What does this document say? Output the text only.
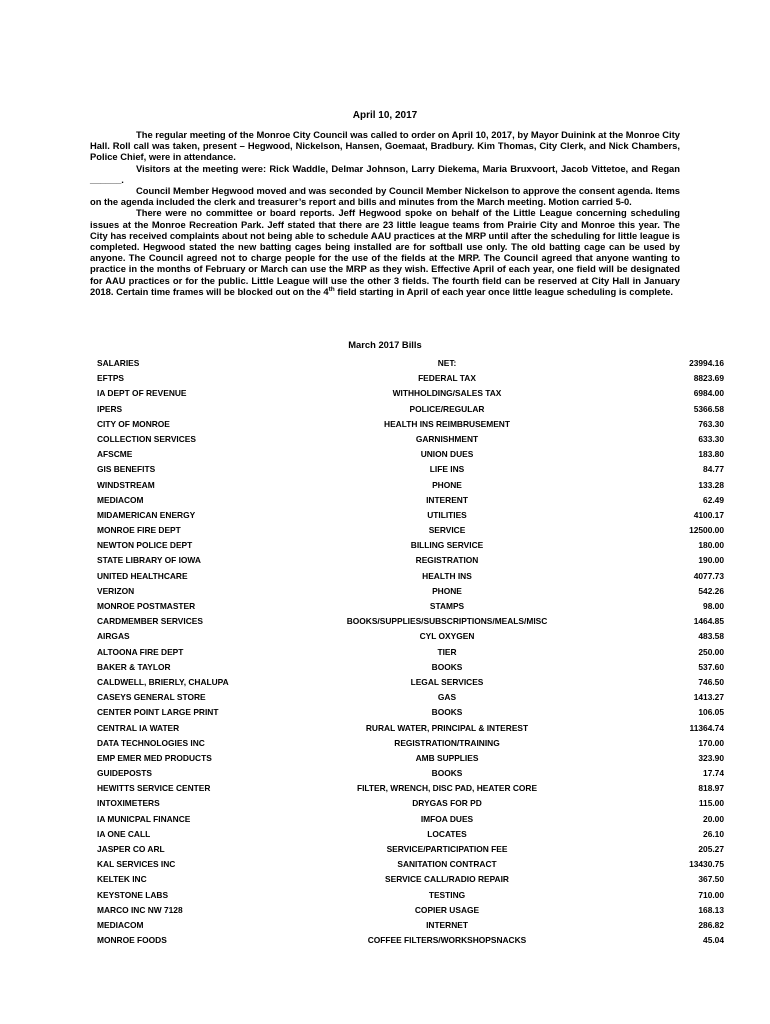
April 10, 2017

The regular meeting of the Monroe City Council was called to order on April 10, 2017, by Mayor Duinink at the Monroe City Hall. Roll call was taken, present – Hegwood, Nickelson, Hansen, Goemaat, Bradbury. Kim Thomas, City Clerk, and Nick Chambers, Police Chief, were in attendance.

Visitors at the meeting were: Rick Waddle, Delmar Johnson, Larry Diekema, Maria Bruxvoort, Jacob Vittetoe, and Regan ______.

Council Member Hegwood moved and was seconded by Council Member Nickelson to approve the consent agenda. Items on the agenda included the clerk and treasurer’s report and bills and minutes from the March meeting. Motion carried 5-0.

There were no committee or board reports. Jeff Hegwood spoke on behalf of the Little League concerning scheduling issues at the Monroe Recreation Park. Jeff stated that there are 23 little league teams from Prairie City and Monroe this year. The City has received complaints about not being able to schedule AAU practices at the MRP until after the scheduling for little league is completed. Hegwood stated the new batting cages being installed are for softball use only. The old batting cage can be used by anyone. The Council agreed not to charge people for the use of the fields at the MRP. The Council agreed that anyone wanting to practice in the months of February or March can use the MRP as they wish. Effective April of each year, one field will be designated for AAU practices or for the public. Little League will use the other 3 fields. The fourth field can be reserved at City Hall in January 2018. Certain time frames will be blocked out on the 4th field starting in April of each year once little league scheduling is complete.

March 2017 Bills
SALARIES	NET:	23994.16
EFTPS	FEDERAL TAX	8823.69
IA DEPT OF REVENUE	WITHHOLDING/SALES TAX	6984.00
IPERS	POLICE/REGULAR	5366.58
CITY OF MONROE	HEALTH INS REIMBRUSEMENT	763.30
COLLECTION SERVICES	GARNISHMENT	633.30
AFSCME	UNION DUES	183.80
GIS BENEFITS	LIFE INS	84.77
WINDSTREAM	PHONE	133.28
MEDIACOM	INTERENT	62.49
MIDAMERICAN ENERGY	UTILITIES	4100.17
MONROE FIRE DEPT	SERVICE	12500.00
NEWTON POLICE DEPT	BILLING SERVICE	180.00
STATE LIBRARY OF IOWA	REGISTRATION	190.00
UNITED HEALTHCARE	HEALTH INS	4077.73
VERIZON	PHONE	542.26
MONROE POSTMASTER	STAMPS	98.00
CARDMEMBER SERVICES	BOOKS/SUPPLIES/SUBSCRIPTIONS/MEALS/MISC	1464.85
AIRGAS	CYL OXYGEN	483.58
ALTOONA FIRE DEPT	TIER	250.00
BAKER & TAYLOR	BOOKS	537.60
CALDWELL, BRIERLY, CHALUPA	LEGAL SERVICES	746.50
CASEYS GENERAL STORE	GAS	1413.27
CENTER POINT LARGE PRINT	BOOKS	106.05
CENTRAL IA WATER	RURAL WATER, PRINCIPAL & INTEREST	11364.74
DATA TECHNOLOGIES INC	REGISTRATION/TRAINING	170.00
EMP EMER MED PRODUCTS	AMB SUPPLIES	323.90
GUIDEPOSTS	BOOKS	17.74
HEWITTS SERVICE CENTER	FILTER, WRENCH, DISC PAD, HEATER CORE	818.97
INTOXIMETERS	DRYGAS FOR PD	115.00
IA MUNICPAL FINANCE	IMFOA DUES	20.00
IA ONE CALL	LOCATES	26.10
JASPER CO ARL	SERVICE/PARTICIPATION FEE	205.27
KAL SERVICES INC	SANITATION CONTRACT	13430.75
KELTEK INC	SERVICE CALL/RADIO REPAIR	367.50
KEYSTONE LABS	TESTING	710.00
MARCO INC NW 7128	COPIER USAGE	168.13
MEDIACOM	INTERNET	286.82
MONROE FOODS	COFFEE FILTERS/WORKSHOPSNACKS	45.04
